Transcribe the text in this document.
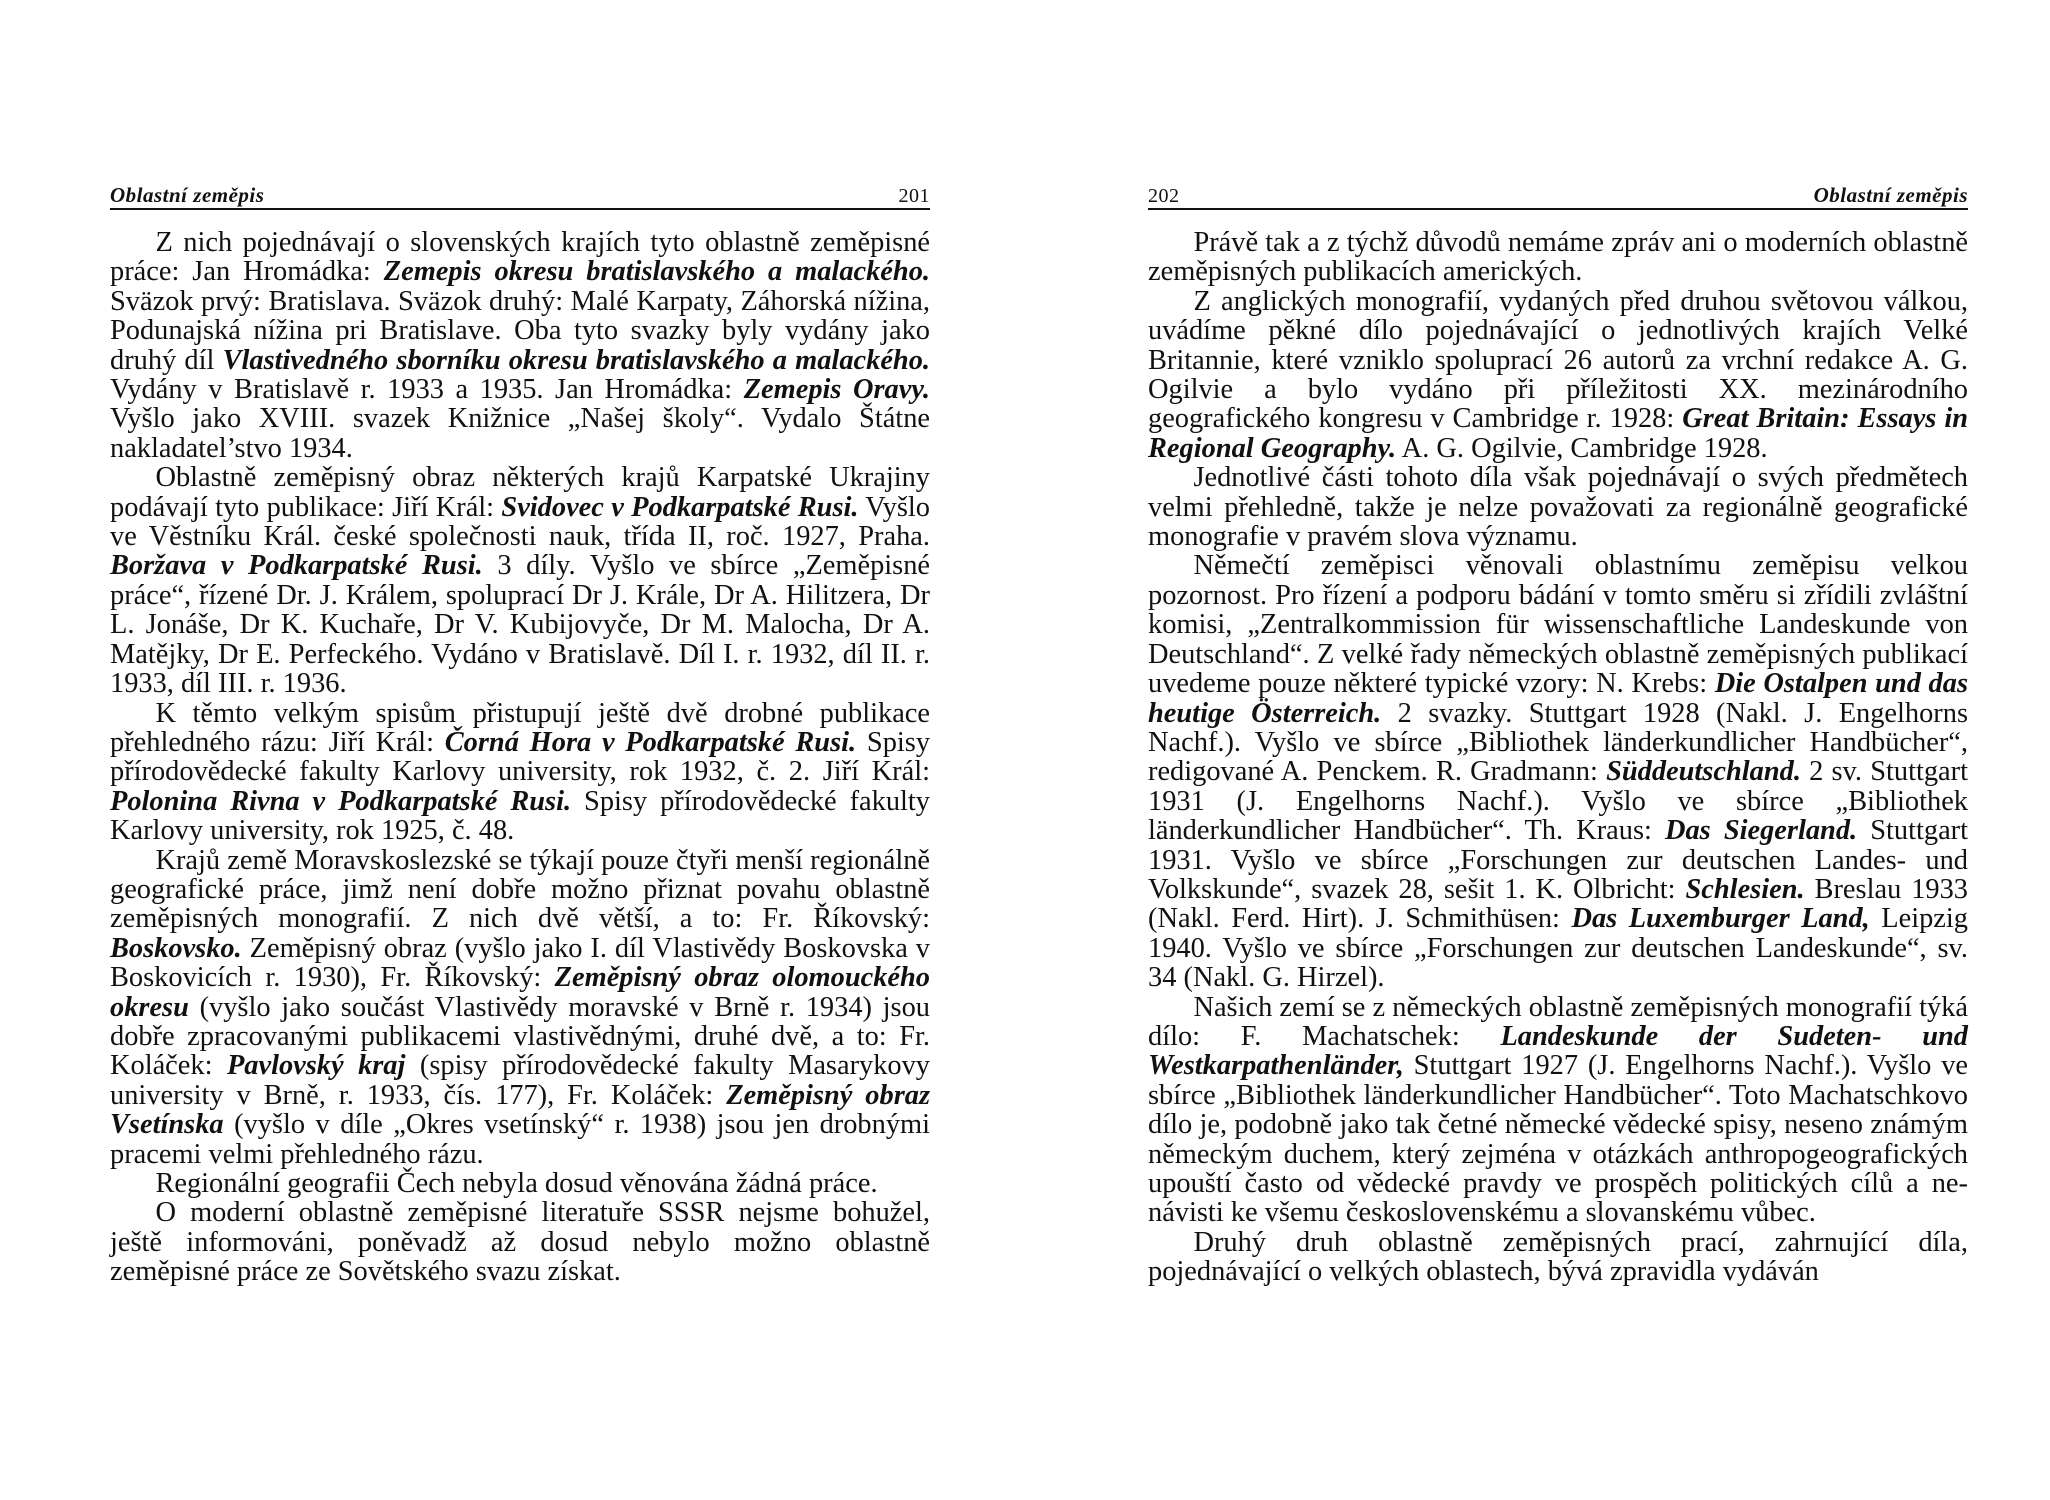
Oblastní zeměpis	201

Z nich pojednávají o slovenských krajích tyto oblastně zeměpisné práce: Jan Hromádka: Zemepis okresu bratislavského a malackého. Sväzok prvý: Bratislava. Sväzok druhý: Malé Karpaty, Záhorská nížina, Podunajská nížina pri Bratislave. Oba tyto svazky byly vydány jako druhý díl Vlastivedného sborníku okresu bratislavského a malackého. Vydány v Bratislavě r. 1933 a 1935. Jan Hromádka: Zemepis Oravy. Vyšlo jako XVIII. svazek Knižnice „Našej školy“. Vydalo Štátne nakladatel’stvo 1934.

Oblastně zeměpisný obraz některých krajů Karpatské Ukrajiny podávají tyto publikace: Jiří Král: Svidovec v Podkarpatské Rusi. Vyšlo ve Věstníku Král. české společnosti nauk, třída II, roč. 1927, Praha. Boržava v Podkarpatské Rusi. 3 díly. Vyšlo ve sbírce „Zeměpisné práce“, řízené Dr. J. Králem, spoluprací Dr J. Krále, Dr A. Hilitzera, Dr L. Jonáše, Dr K. Kuchaře, Dr V. Kubijovyče, Dr M. Malocha, Dr A. Matějky, Dr E. Perfeckého. Vydáno v Bratislavě. Díl I. r. 1932, díl II. r. 1933, díl III. r. 1936.

K těmto velkým spisům přistupují ještě dvě drobné publikace přehledného rázu: Jiří Král: Čorná Hora v Podkarpatské Rusi. Spisy přírodovědecké fakulty Karlovy university, rok 1932, č. 2. Jiří Král: Polonina Rivna v Podkarpatské Rusi. Spisy přírodovědecké fakulty Karlovy university, rok 1925, č. 48.

Krajů země Moravskoslezské se týkají pouze čtyři menší regionálně geografické práce, jimž není dobře možno přiznat povahu oblastně zeměpisných monografií. Z nich dvě větší, a to: Fr. Říkovský: Boskovsko. Zeměpisný obraz (vyšlo jako I. díl Vlastivědy Boskovska v Boskovicích r. 1930), Fr. Říkovský: Zeměpisný obraz olomouckého okresu (vyšlo jako součást Vlastivědy moravské v Brně r. 1934) jsou dobře zpracovanými publikacemi vlastivědnými, druhé dvě, a to: Fr. Koláček: Pavlovský kraj (spisy přírodovědecké fakulty Masarykovy university v Brně, r. 1933, čís. 177), Fr. Koláček: Zeměpisný obraz Vsetínska (vyšlo v díle „Okres vsetínský“ r. 1938) jsou jen drobnými pracemi velmi přehledného rázu.

Regionální geografii Čech nebyla dosud věnována žádná práce.

O moderní oblastně zeměpisné literatuře SSSR nejsme bohužel, ještě informováni, poněvadž až dosud nebylo možno oblastně zeměpisné práce ze Sovětského svazu získat.

202	Oblastní zeměpis

Právě tak a z týchž důvodů nemáme zpráv ani o moderních oblastně zeměpisných publikacích amerických.

Z anglických monografií, vydaných před druhou světovou válkou, uvádíme pěkné dílo pojednávající o jednotlivých krajích Velké Britannie, které vzniklo spoluprací 26 autorů za vrchní redakce A. G. Ogilvie a bylo vydáno při příležitosti XX. mezinárodního geografického kongresu v Cambridge r. 1928: Great Britain: Essays in Regional Geography. A. G. Ogilvie, Cambridge 1928.

Jednotlivé části tohoto díla však pojednávají o svých předmětech velmi přehledně, takže je nelze považovati za regionálně geografické monografie v pravém slova významu.

Němečtí zeměpisci věnovali oblastnímu zeměpisu velkou pozornost. Pro řízení a podporu bádání v tomto směru si zřídili zvláštní komisi, „Zentralkommission für wissenschaftliche Landeskunde von Deutschland“. Z velké řady německých oblastně zeměpisných publikací uvedeme pouze některé typické vzory: N. Krebs: Die Ostalpen und das heutige Österreich. 2 svazky. Stuttgart 1928 (Nakl. J. Engelhorns Nachf.). Vyšlo ve sbírce „Bibliothek länderkundlicher Handbücher“, redigované A. Penckem. R. Gradmann: Süddeutschland. 2 sv. Stuttgart 1931 (J. Engelhorns Nachf.). Vyšlo ve sbírce „Bibliothek länderkundlicher Handbücher“. Th. Kraus: Das Siegerland. Stuttgart 1931. Vyšlo ve sbírce „Forschungen zur deutschen Landes- und Volkskunde“, svazek 28, sešit 1. K. Olbricht: Schlesien. Breslau 1933 (Nakl. Ferd. Hirt). J. Schmithüsen: Das Luxemburger Land, Leipzig 1940. Vyšlo ve sbírce „Forschungen zur deutschen Landeskunde“, sv. 34 (Nakl. G. Hirzel).

Našich zemí se z německých oblastně zeměpisných monografií týká dílo: F. Machatschek: Landeskunde der Sudeten- und Westkarpathenländer, Stuttgart 1927 (J. Engelhorns Nachf.). Vyšlo ve sbírce „Bibliothek länderkundlicher Handbücher“. Toto Machatschkovo dílo je, podobně jako tak četné německé vědecké spisy, neseno známým německým duchem, který zejména v otázkách anthropogeografických upouští často od vědecké pravdy ve prospěch politických cílů a nenávisti ke všemu československému a slovanskému vůbec.

Druhý druh oblastně zeměpisných prací, zahrnující díla, pojednávající o velkých oblastech, bývá zpravidla vydáván
